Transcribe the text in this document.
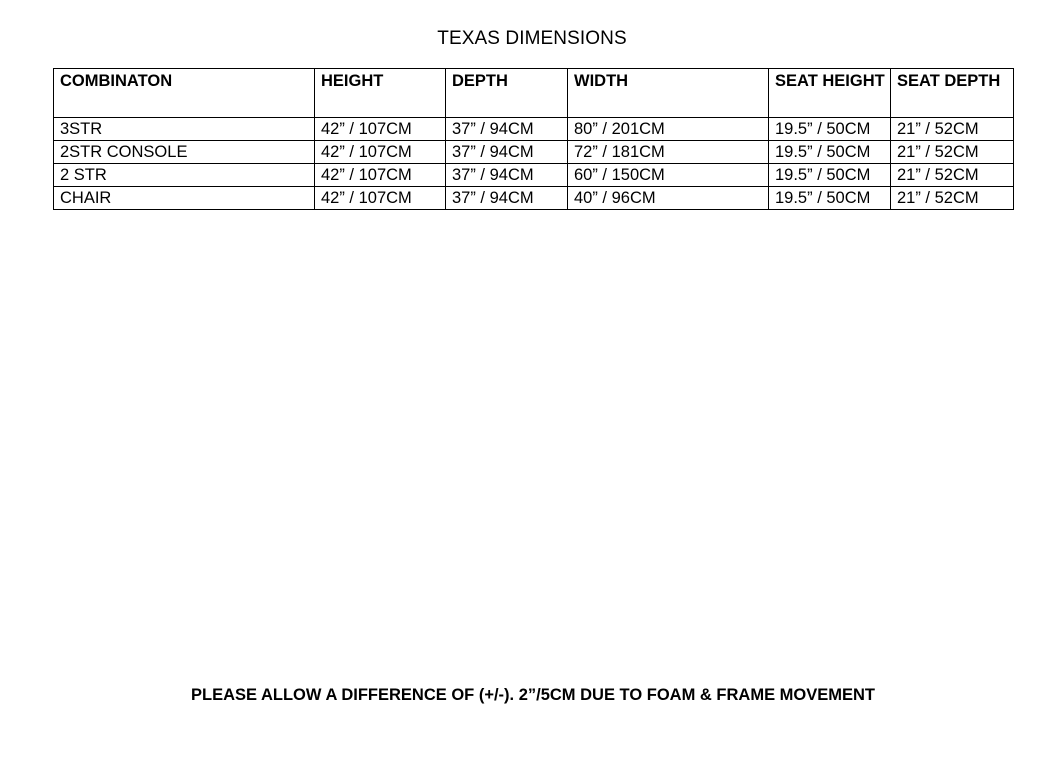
TEXAS DIMENSIONS
COMBINATON	HEIGHT	DEPTH	WIDTH	SEAT HEIGHT	SEAT DEPTH
3STR	42” / 107CM	37” / 94CM	80” / 201CM	19.5” / 50CM	21” / 52CM
2STR CONSOLE	42” / 107CM	37” / 94CM	72” / 181CM	19.5” / 50CM	21” / 52CM
2 STR	42” / 107CM	37” / 94CM	60” / 150CM	19.5” / 50CM	21” / 52CM
CHAIR	42” / 107CM	37” / 94CM	40” / 96CM	19.5” / 50CM	21” / 52CM
PLEASE ALLOW A DIFFERENCE OF (+/-). 2”/5CM DUE TO FOAM & FRAME MOVEMENT
